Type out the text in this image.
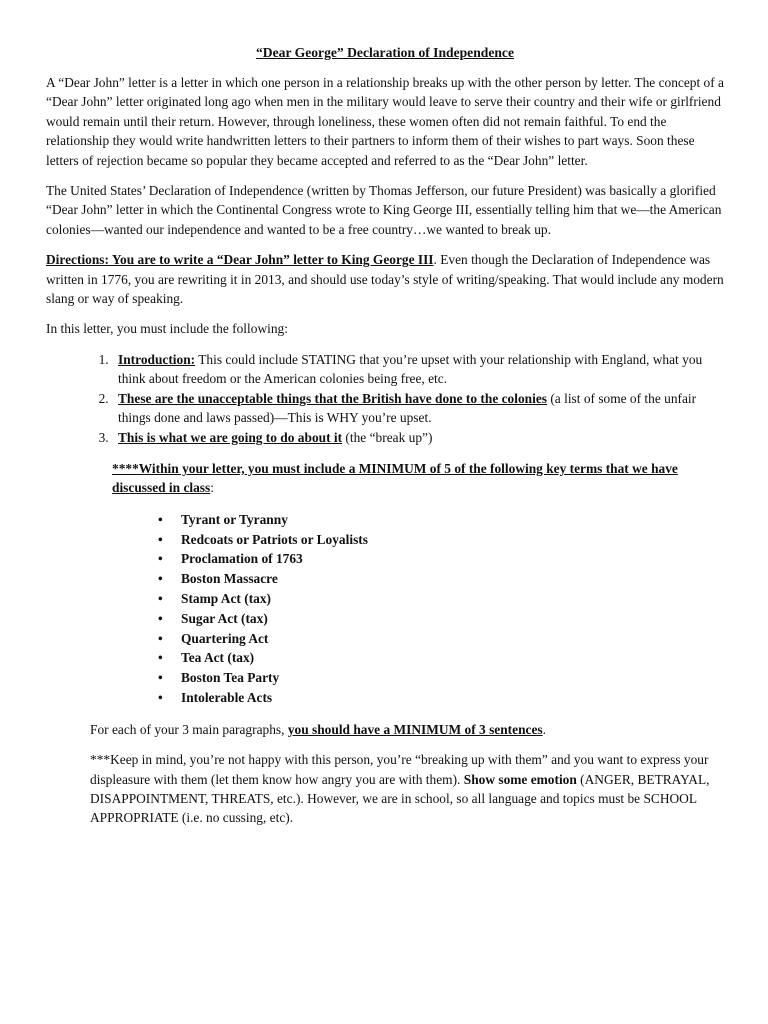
“Dear George” Declaration of Independence

A “Dear John” letter is a letter in which one person in a relationship breaks up with the other person by letter. The concept of a “Dear John” letter originated long ago when men in the military would leave to serve their country and their wife or girlfriend would remain until their return. However, through loneliness, these women often did not remain faithful. To end the relationship they would write handwritten letters to their partners to inform them of their wishes to part ways. Soon these letters of rejection became so popular they became accepted and referred to as the “Dear John” letter.

The United States’ Declaration of Independence (written by Thomas Jefferson, our future President) was basically a glorified “Dear John” letter in which the Continental Congress wrote to King George III, essentially telling him that we—the American colonies—wanted our independence and wanted to be a free country…we wanted to break up.

Directions: You are to write a “Dear John” letter to King George III. Even though the Declaration of Independence was written in 1776, you are rewriting it in 2013, and should use today’s style of writing/speaking. That would include any modern slang or way of speaking.

In this letter, you must include the following:

1. Introduction: This could include STATING that you’re upset with your relationship with England, what you think about freedom or the American colonies being free, etc.
2. These are the unacceptable things that the British have done to the colonies (a list of some of the unfair things done and laws passed)—This is WHY you’re upset.
3. This is what we are going to do about it (the “break up”)

****Within your letter, you must include a MINIMUM of 5 of the following key terms that we have discussed in class:

• Tyrant or Tyranny
• Redcoats or Patriots or Loyalists
• Proclamation of 1763
• Boston Massacre
• Stamp Act (tax)
• Sugar Act (tax)
• Quartering Act
• Tea Act (tax)
• Boston Tea Party
• Intolerable Acts

For each of your 3 main paragraphs, you should have a MINIMUM of 3 sentences.

***Keep in mind, you’re not happy with this person, you’re “breaking up with them” and you want to express your displeasure with them (let them know how angry you are with them). Show some emotion (ANGER, BETRAYAL, DISAPPOINTMENT, THREATS, etc.). However, we are in school, so all language and topics must be SCHOOL APPROPRIATE (i.e. no cussing, etc).
